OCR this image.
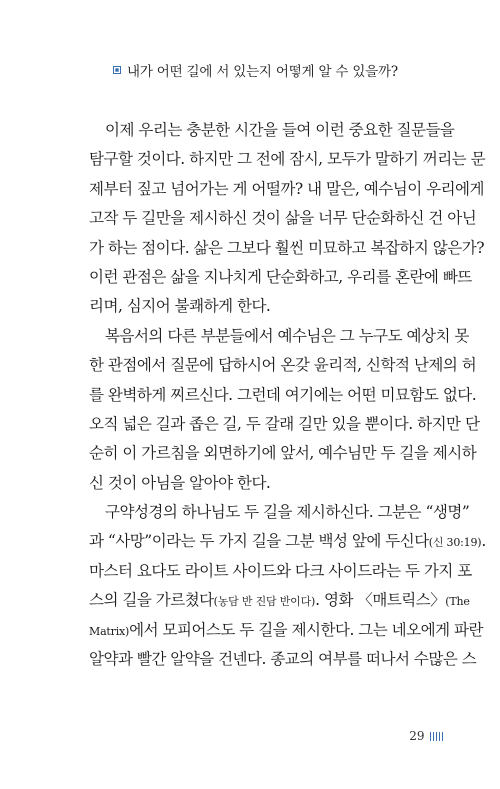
내가 어떤 길에 서 있는지 어떻게 알 수 있을까?
이제 우리는 충분한 시간을 들여 이런 중요한 질문들을
탐구할 것이다. 하지만 그 전에 잠시, 모두가 말하기 꺼리는 문
제부터 짚고 넘어가는 게 어떨까? 내 말은, 예수님이 우리에게
고작 두 길만을 제시하신 것이 삶을 너무 단순화하신 건 아닌
가 하는 점이다. 삶은 그보다 훨씬 미묘하고 복잡하지 않은가?
이런 관점은 삶을 지나치게 단순화하고, 우리를 혼란에 빠뜨
리며, 심지어 불쾌하게 한다.
복음서의 다른 부분들에서 예수님은 그 누구도 예상치 못
한 관점에서 질문에 답하시어 온갖 윤리적, 신학적 난제의 허
를 완벽하게 찌르신다. 그런데 여기에는 어떤 미묘함도 없다.
오직 넓은 길과 좁은 길, 두 갈래 길만 있을 뿐이다. 하지만 단
순히 이 가르침을 외면하기에 앞서, 예수님만 두 길을 제시하
신 것이 아님을 알아야 한다.
구약성경의 하나님도 두 길을 제시하신다. 그분은 “생명”
과 “사망”이라는 두 가지 길을 그분 백성 앞에 두신다(신 30:19).
마스터 요다도 라이트 사이드와 다크 사이드라는 두 가지 포
스의 길을 가르쳤다(농담 반 진담 반이다). 영화 〈매트릭스〉(The
Matrix)에서 모피어스도 두 길을 제시한다. 그는 네오에게 파란
알약과 빨간 알약을 건넨다. 종교의 여부를 떠나서 수많은 스
29
